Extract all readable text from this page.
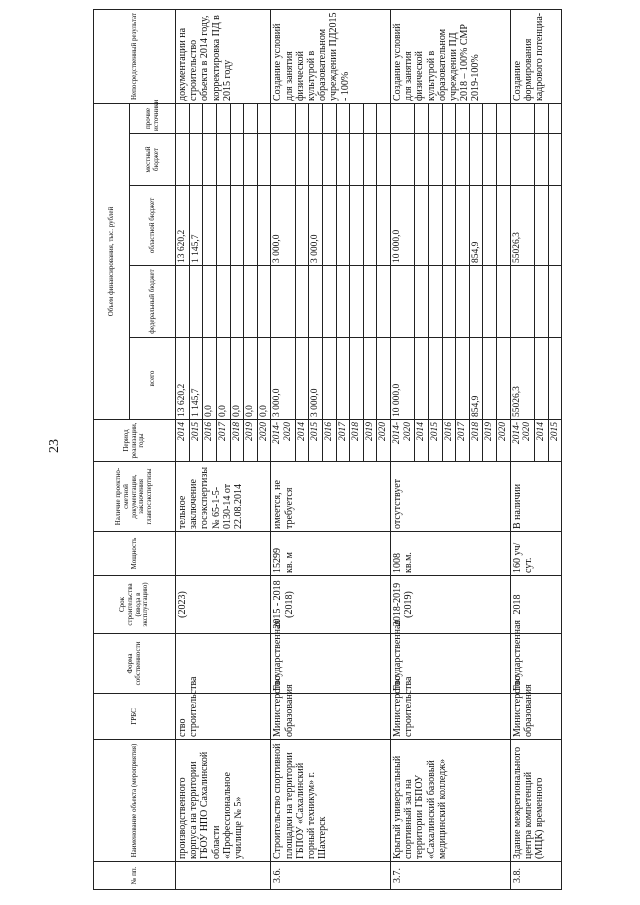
23
№ пп.	Наименование объекта (мероприятия)	ГРБС	Форма собственности	Срок строительства (ввода в эксплуатацию)	Мощность	Наличие проектно-сметной документации, заключения главгосэкспертизы	Период реализации, годы	Объем финансирования, тыс. рублей					Непосредственный результат
								всего	федеральный бюджет	областной бюджет	местный бюджет	прочие источники	
	производственного корпуса на территории ГБОУ НПО Сахалинской области «Профессиональное училище № 5»	ство строительства		(2023)		тельное заключение госэкспертизы № 65-1-5-0130-14 от 22.08.2014	2014	13 620,2		13 620,2			документации на строительство объекта в 2014 году, корректировка ПД в 2015 году
							2015	1 145,7		1 145,7			
							2016	0,0					
							2017	0,0					
							2018	0,0					
							2019	0,0					
							2020	0,0					
3.6.	Строительство спортивной площадки на территории ГБПОУ «Сахалинский горный техникум» г. Шахтерск	Министерство образования	Государственная	2015 - 2018 (2018)	15299 кв. м	имеется, не требуется	2014-2020	3 000,0		3 000,0			Создание условий для занятия физической культурой в образовательном учреждении ПД2015 - 100%
							2014						
							2015	3 000,0		3 000,0			
							2016						
							2017						
							2018						
							2019						
							2020						
3.7.	Крытый универсальный спортивный зал на территории ГБПОУ «Сахалинский базовый медицинский колледж»	Министерство строительства	Государственная	2018-2019 (2019)	1008 кв.м.	отсутствует	2014-2020	10 000,0		10 000,0			Создание условий для занятия физической культурой в образовательном учреждении ПД 2018 – 100% СМР 2019-100%
							2014						
							2015						
							2016						
							2017						
							2018	854,9		854,9			
							2019						
							2020						
3.8.	Здание межрегионального центра компетенций (МЦК) временного	Министерство образования	Государственная	2018	160 уч/сут.	В наличии	2014-2020	55026,3		55026,3			Создание формирования кадрового потенциа-
							2014						
							2015						
